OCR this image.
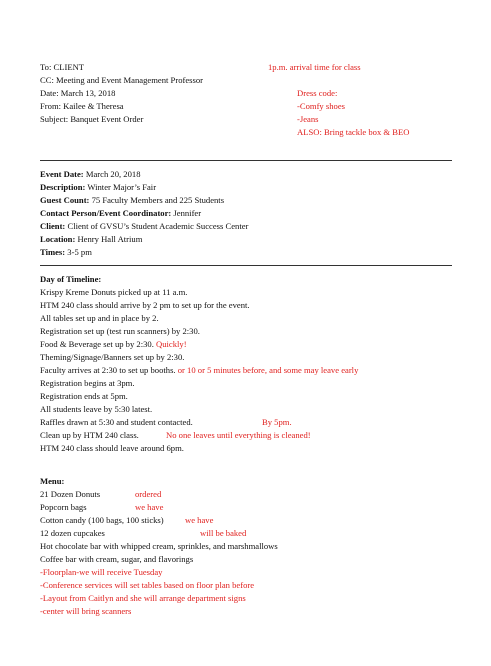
To: CLIENT
CC: Meeting and Event Management Professor
Date: March 13, 2018
From: Kailee & Theresa
Subject: Banquet Event Order
1p.m. arrival time for class
Dress code:
-Comfy shoes
-Jeans
ALSO: Bring tackle box & BEO
Event Date: March 20, 2018
Description: Winter Major’s Fair
Guest Count: 75 Faculty Members and 225 Students
Contact Person/Event Coordinator: Jennifer
Client: Client of GVSU’s Student Academic Success Center
Location: Henry Hall Atrium
Times: 3-5 pm
Day of Timeline:
Krispy Kreme Donuts picked up at 11 a.m.
HTM 240 class should arrive by 2 pm to set up for the event.
All tables set up and in place by 2.
Registration set up (test run scanners) by 2:30.
Food & Beverage set up by 2:30. Quickly!
Theming/Signage/Banners set up by 2:30.
Faculty arrives at 2:30 to set up booths. or 10 or 5 minutes before, and some may leave early
Registration begins at 3pm.
Registration ends at 5pm.
All students leave by 5:30 latest.
Raffles drawn at 5:30 and student contacted.	By 5pm.
Clean up by HTM 240 class.	No one leaves until everything is cleaned!
HTM 240 class should leave around 6pm.
Menu:
21 Dozen Donuts	ordered
Popcorn bags	we have
Cotton candy (100 bags, 100 sticks) we have
12 dozen cupcakes	will be baked
Hot chocolate bar with whipped cream, sprinkles, and marshmallows
Coffee bar with cream, sugar, and flavorings
-Floorplan-we will receive Tuesday
-Conference services will set tables based on floor plan before
-Layout from Caitlyn and she will arrange department signs
-center will bring scanners
